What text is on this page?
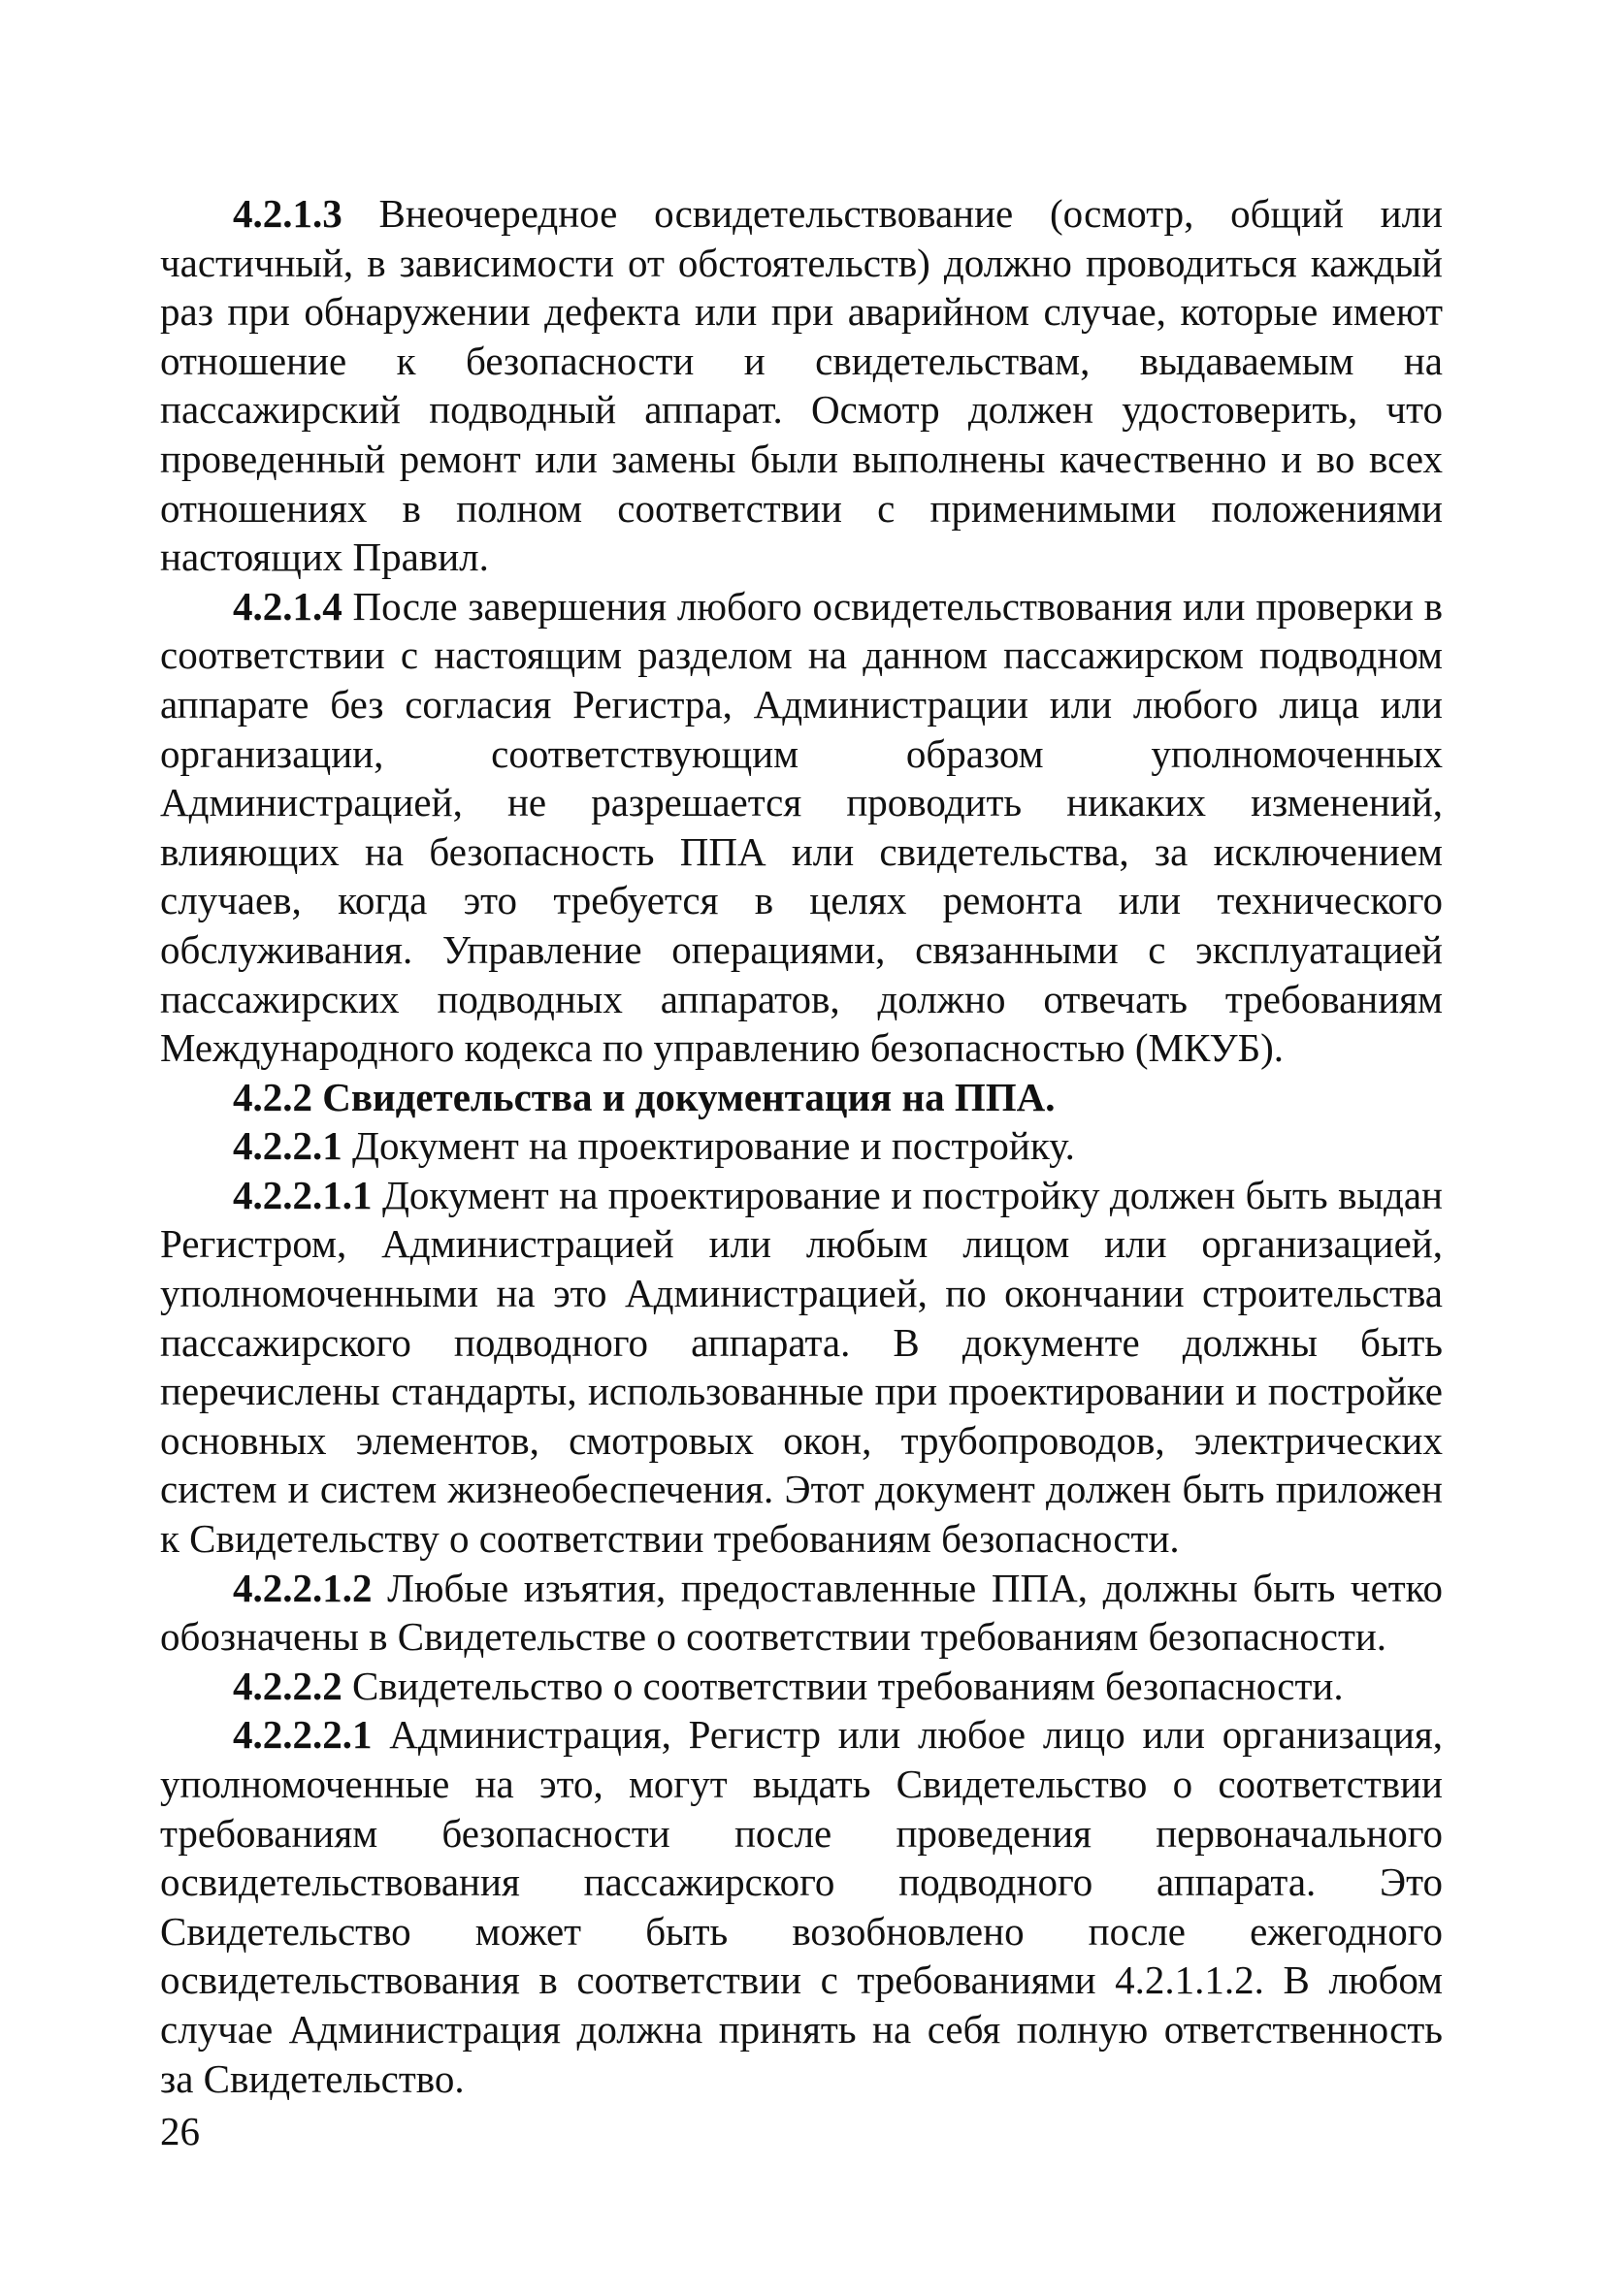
4.2.1.3 Внеочередное освидетельствование (осмотр, общий или частичный, в зависимости от обстоятельств) должно проводиться каждый раз при обнаружении дефекта или при аварийном случае, которые имеют отношение к безопасности и свидетельствам, выдаваемым на пассажирский подводный аппарат. Осмотр должен удостоверить, что проведенный ремонт или замены были выполнены качественно и во всех отношениях в полном соответствии с применимыми положениями настоящих Правил.

4.2.1.4 После завершения любого освидетельствования или проверки в соответствии с настоящим разделом на данном пассажирском подводном аппарате без согласия Регистра, Администрации или любого лица или организации, соответствующим образом уполномоченных Администрацией, не разрешается проводить никаких изменений, влияющих на безопасность ППА или свидетельства, за исключением случаев, когда это требуется в целях ремонта или технического обслуживания. Управление операциями, связанными с эксплуатацией пассажирских подводных аппаратов, должно отвечать требованиям Международного кодекса по управлению безопасностью (МКУБ).

4.2.2 Свидетельства и документация на ППА.

4.2.2.1 Документ на проектирование и постройку.

4.2.2.1.1 Документ на проектирование и постройку должен быть выдан Регистром, Администрацией или любым лицом или организацией, уполномоченными на это Администрацией, по окончании строительства пассажирского подводного аппарата. В документе должны быть перечислены стандарты, использованные при проектировании и постройке основных элементов, смотровых окон, трубопроводов, электрических систем и систем жизнеобеспечения. Этот документ должен быть приложен к Свидетельству о соответствии требованиям безопасности.

4.2.2.1.2 Любые изъятия, предоставленные ППА, должны быть четко обозначены в Свидетельстве о соответствии требованиям безопасности.

4.2.2.2 Свидетельство о соответствии требованиям безопасности.

4.2.2.2.1 Администрация, Регистр или любое лицо или организация, уполномоченные на это, могут выдать Свидетельство о соответствии требованиям безопасности после проведения первоначального освидетельствования пассажирского подводного аппарата. Это Свидетельство может быть возобновлено после ежегодного освидетельствования в соответствии с требованиями 4.2.1.1.2. В любом случае Администрация должна принять на себя полную ответственность за Свидетельство.

26
